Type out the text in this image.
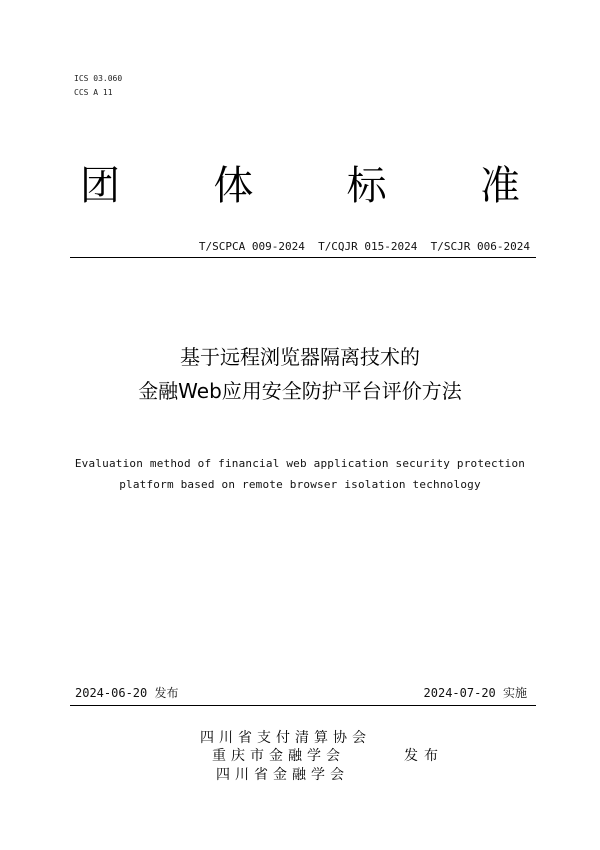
ICS 03.060
CCS A 11
团 体 标 准
T/SCPCA 009-2024  T/CQJR 015-2024  T/SCJR 006-2024
基于远程浏览器隔离技术的
金融Web应用安全防护平台评价方法
Evaluation method of financial web application security protection
platform based on remote browser isolation technology
2024-06-20 发布	2024-07-20 实施
四川省支付清算协会
重庆市金融学会
四川省金融学会
发布
